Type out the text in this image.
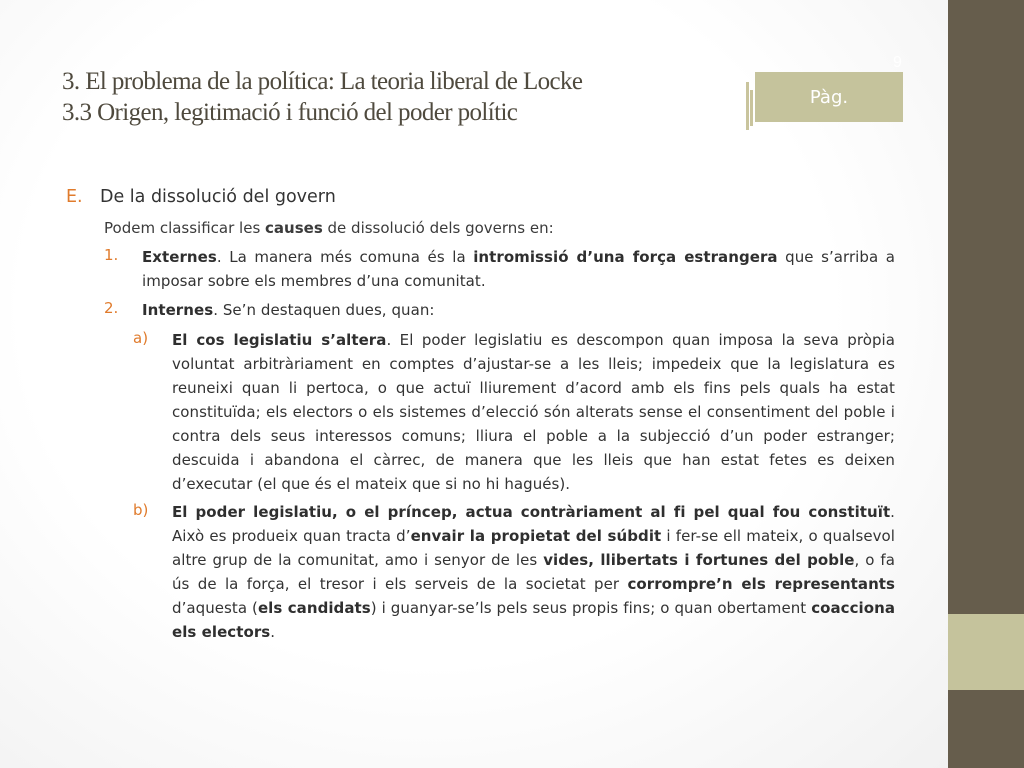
3. El problema de la política: La teoria liberal de Locke
3.3 Origen, legitimació i funció del poder polític
Pàg.
9
E. De la dissolució del govern
Podem classificar les causes de dissolució dels governs en:
1. Externes. La manera més comuna és la intromissió d’una força estrangera que s’arriba a imposar sobre els membres d’una comunitat.

2. Internes. Se’n destaquen dues, quan:

a) El cos legislatiu s’altera. El poder legislatiu es descompon quan imposa la seva pròpia voluntat arbitràriament en comptes d’ajustar-se a les lleis; impedeix que la legislatura es reuneixi quan li pertoca, o que actuï lliurement d’acord amb els fins pels quals ha estat constituïda; els electors o els sistemes d’elecció són alterats sense el consentiment del poble i contra dels seus interessos comuns; lliura el poble a la subjecció d’un poder estranger; descuida i abandona el càrrec, de manera que les lleis que han estat fetes es deixen d’executar (el que és el mateix que si no hi hagués).

b) El poder legislatiu, o el príncep, actua contràriament al fi pel qual fou constituït. Això es produeix quan tracta d’envair la propietat del súbdit i fer-se ell mateix, o qualsevol altre grup de la comunitat, amo i senyor de les vides, llibertats i fortunes del poble, o fa ús de la força, el tresor i els serveis de la societat per corrompre’n els representants d’aquesta (els candidats) i guanyar-se’ls pels seus propis fins; o quan obertament coacciona els electors.
